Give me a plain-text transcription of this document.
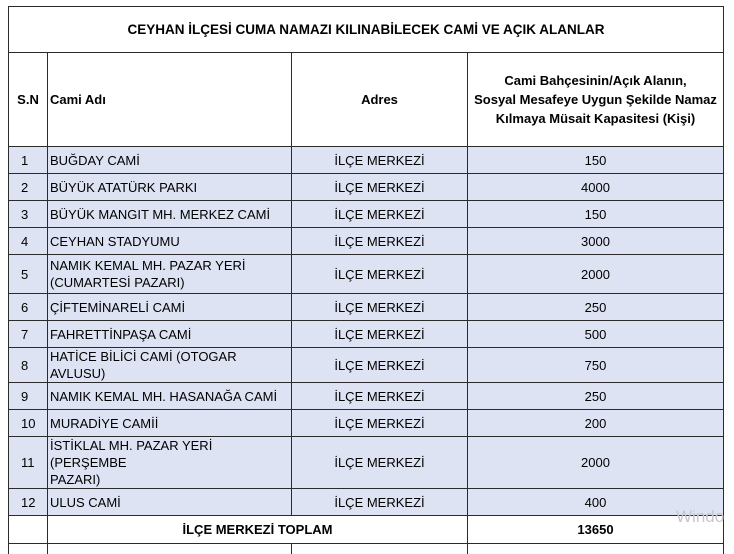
CEYHAN İLÇESİ CUMA NAMAZI KILINABİLECEK CAMİ VE AÇIK ALANLAR			
S.N	Cami Adı	Adres	Cami Bahçesinin/Açık Alanın,
Sosyal Mesafeye Uygun Şekilde Namaz
Kılmaya Müsait Kapasitesi (Kişi)
1	BUĞDAY CAMİ	İLÇE MERKEZİ	150
2	BÜYÜK ATATÜRK PARKI	İLÇE MERKEZİ	4000
3	BÜYÜK MANGIT MH. MERKEZ CAMİ	İLÇE MERKEZİ	150
4	CEYHAN STADYUMU	İLÇE MERKEZİ	3000
5	NAMIK KEMAL MH. PAZAR YERİ
(CUMARTESİ PAZARI)	İLÇE MERKEZİ	2000
6	ÇİFTEMİNARELİ CAMİ	İLÇE MERKEZİ	250
7	FAHRETTİNPAŞA CAMİ	İLÇE MERKEZİ	500
8	HATİCE BİLİCİ CAMİ (OTOGAR AVLUSU)	İLÇE MERKEZİ	750
9	NAMIK KEMAL MH. HASANAĞA CAMİ	İLÇE MERKEZİ	250
10	MURADİYE CAMİİ	İLÇE MERKEZİ	200
11	İSTİKLAL MH. PAZAR YERİ (PERŞEMBE
PAZARI)	İLÇE MERKEZİ	2000
12	ULUS CAMİ	İLÇE MERKEZİ	400
	İLÇE MERKEZİ TOPLAM		13650

Windo
